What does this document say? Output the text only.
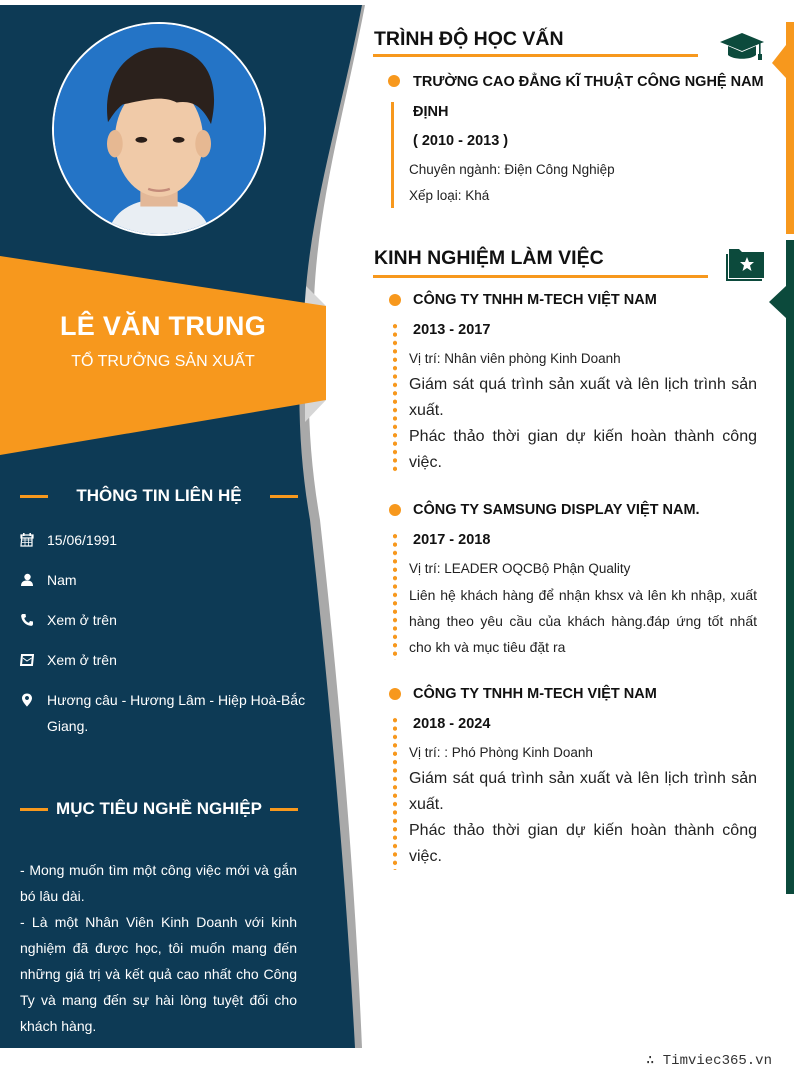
LÊ VĂN TRUNG
TỔ TRƯỞNG SẢN XUẤT
THÔNG TIN LIÊN HỆ
15/06/1991
Nam
Xem ở trên
Xem ở trên
Hương câu - Hương Lâm - Hiệp Hoà-Bắc Giang.
MỤC TIÊU NGHỀ NGHIỆP

- Mong muốn tìm một công việc mới và gắn bó lâu dài.

- Là một Nhân Viên Kinh Doanh với kinh nghiệm đã được học, tôi muốn mang đến những giá trị và kết quả cao nhất cho Công Ty và mang đến sự hài lòng tuyệt đối cho khách hàng.

TRÌNH ĐỘ HỌC VẤN
TRƯỜNG CAO ĐẲNG KĨ THUẬT CÔNG NGHỆ NAM
ĐỊNH
( 2010 - 2013 )
Chuyên ngành: Điện Công Nghiệp
Xếp loại: Khá
KINH NGHIỆM LÀM VIỆC
CÔNG TY TNHH M-TECH VIỆT NAM
2013 - 2017
Vị trí: Nhân viên phòng Kinh Doanh

Giám sát quá trình sản xuất và lên lịch trình sản xuất.

Phác thảo thời gian dự kiến hoàn thành công việc.

CÔNG TY SAMSUNG DISPLAY VIỆT NAM.
2017 - 2018
Vị trí: LEADER OQCBộ Phận Quality

Liên hệ khách hàng để nhận khsx và lên kh nhập, xuất hàng theo yêu cầu của khách hàng.đáp ứng tốt nhất cho kh và mục tiêu đặt ra

CÔNG TY TNHH M-TECH VIỆT NAM
2018 - 2024
Vị trí: : Phó Phòng Kinh Doanh

Giám sát quá trình sản xuất và lên lịch trình sản xuất.

Phác thảo thời gian dự kiến hoàn thành công việc.

∴ Timviec365.vn
